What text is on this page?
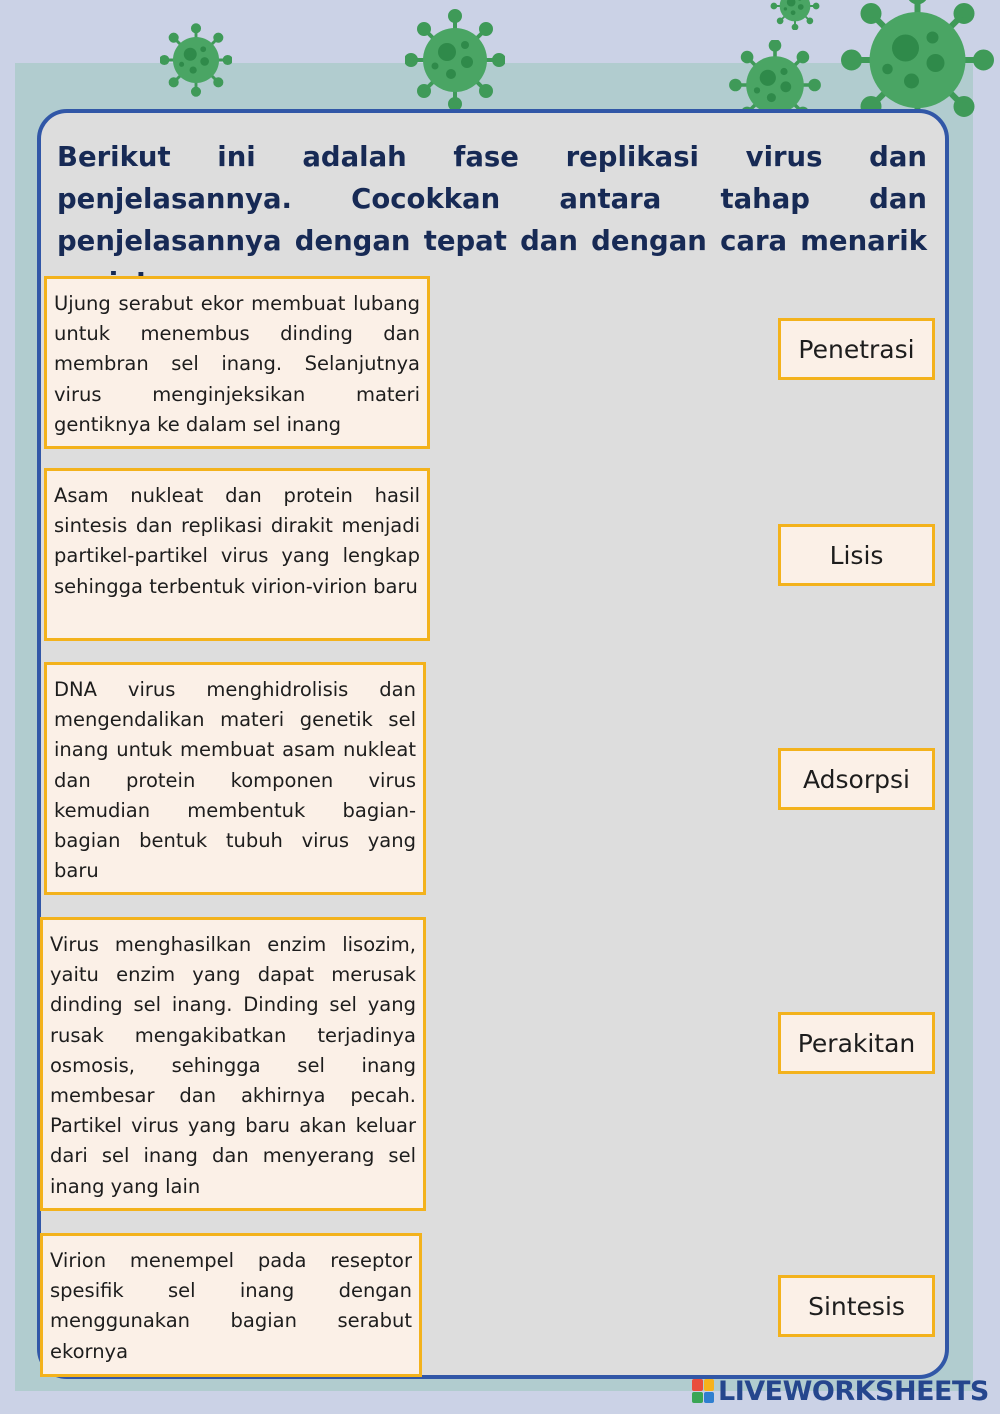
Berikut ini adalah fase replikasi virus dan penjelasannya. Cocokkan antara tahap dan penjelasannya dengan tepat dan dengan cara menarik

Ujung serabut ekor membuat lubang untuk menembus dinding dan membran sel inang. Selanjutnya virus menginjeksikan materi gentiknya ke dalam sel inang
Asam nukleat dan protein hasil sintesis dan replikasi dirakit menjadi partikel-partikel virus yang lengkap sehingga terbentuk virion-virion baru
DNA virus menghidrolisis dan mengendalikan materi genetik sel inang untuk membuat asam nukleat dan protein komponen virus kemudian membentuk bagian-bagian bentuk tubuh virus yang baru
Virus menghasilkan enzim lisozim, yaitu enzim yang dapat merusak dinding sel inang. Dinding sel yang rusak mengakibatkan terjadinya osmosis, sehingga sel inang membesar dan akhirnya pecah. Partikel virus yang baru akan keluar dari sel inang dan menyerang sel inang yang lain
Virion menempel pada reseptor spesifik sel inang dengan menggunakan bagian serabut ekornya
Penetrasi
Lisis
Adsorpsi
Perakitan
Sintesis
LIVEWORKSHEETS
